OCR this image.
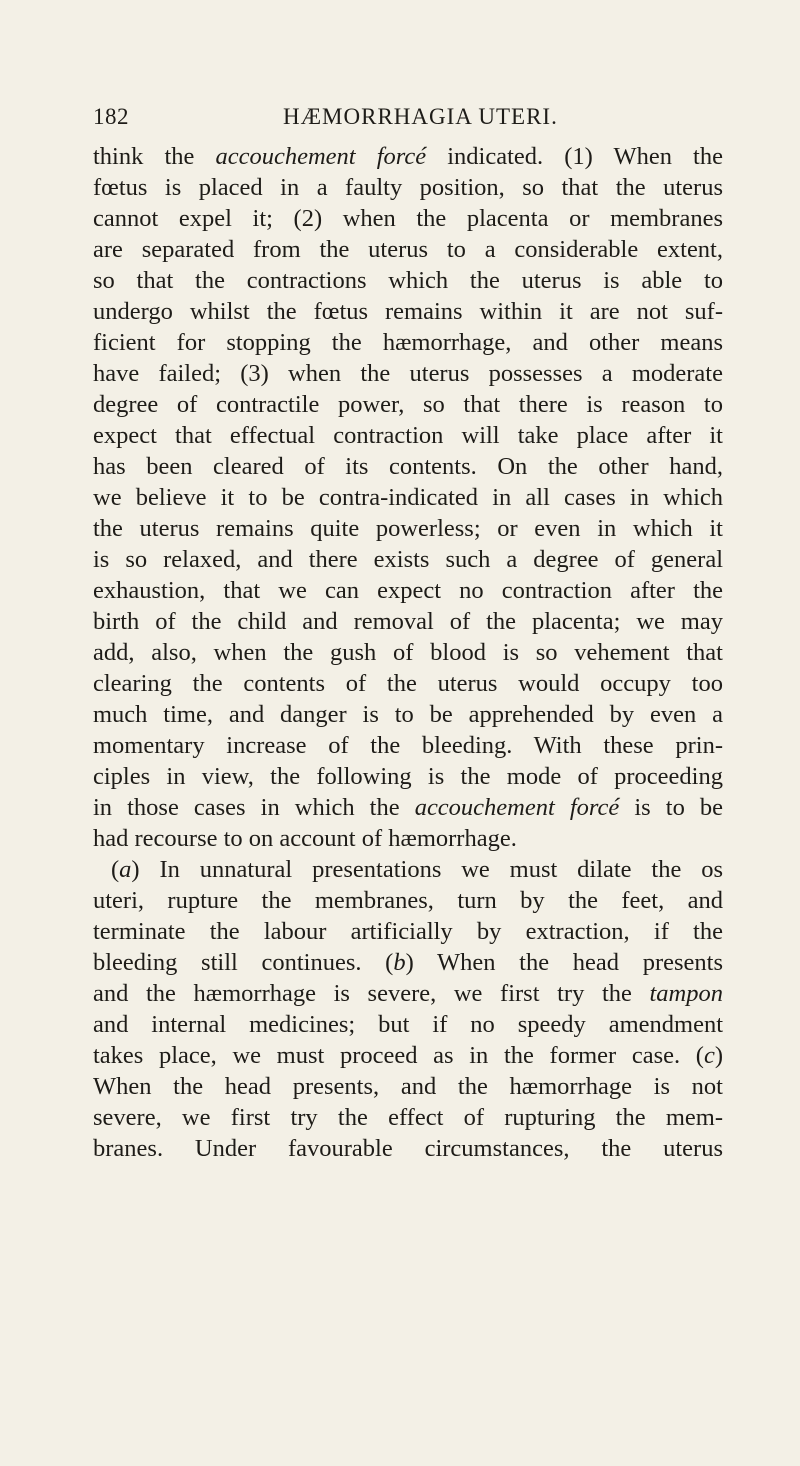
182	HÆMORRHAGIA UTERI.
think the accouchement forcé indicated. (1) When the
fœtus is placed in a faulty position, so that the uterus
cannot expel it; (2) when the placenta or membranes
are separated from the uterus to a considerable extent,
so that the contractions which the uterus is able to
undergo whilst the fœtus remains within it are not suf-
ficient for stopping the hæmorrhage, and other means
have failed; (3) when the uterus possesses a moderate
degree of contractile power, so that there is reason to
expect that effectual contraction will take place after it
has been cleared of its contents. On the other hand,
we believe it to be contra-indicated in all cases in which
the uterus remains quite powerless; or even in which it
is so relaxed, and there exists such a degree of general
exhaustion, that we can expect no contraction after the
birth of the child and removal of the placenta; we may
add, also, when the gush of blood is so vehement that
clearing the contents of the uterus would occupy too
much time, and danger is to be apprehended by even a
momentary increase of the bleeding. With these prin-
ciples in view, the following is the mode of proceeding
in those cases in which the accouchement forcé is to be
had recourse to on account of hæmorrhage.
(a) In unnatural presentations we must dilate the os
uteri, rupture the membranes, turn by the feet, and
terminate the labour artificially by extraction, if the
bleeding still continues. (b) When the head presents
and the hæmorrhage is severe, we first try the tampon
and internal medicines; but if no speedy amendment
takes place, we must proceed as in the former case. (c)
When the head presents, and the hæmorrhage is not
severe, we first try the effect of rupturing the mem-
branes. Under favourable circumstances, the uterus
